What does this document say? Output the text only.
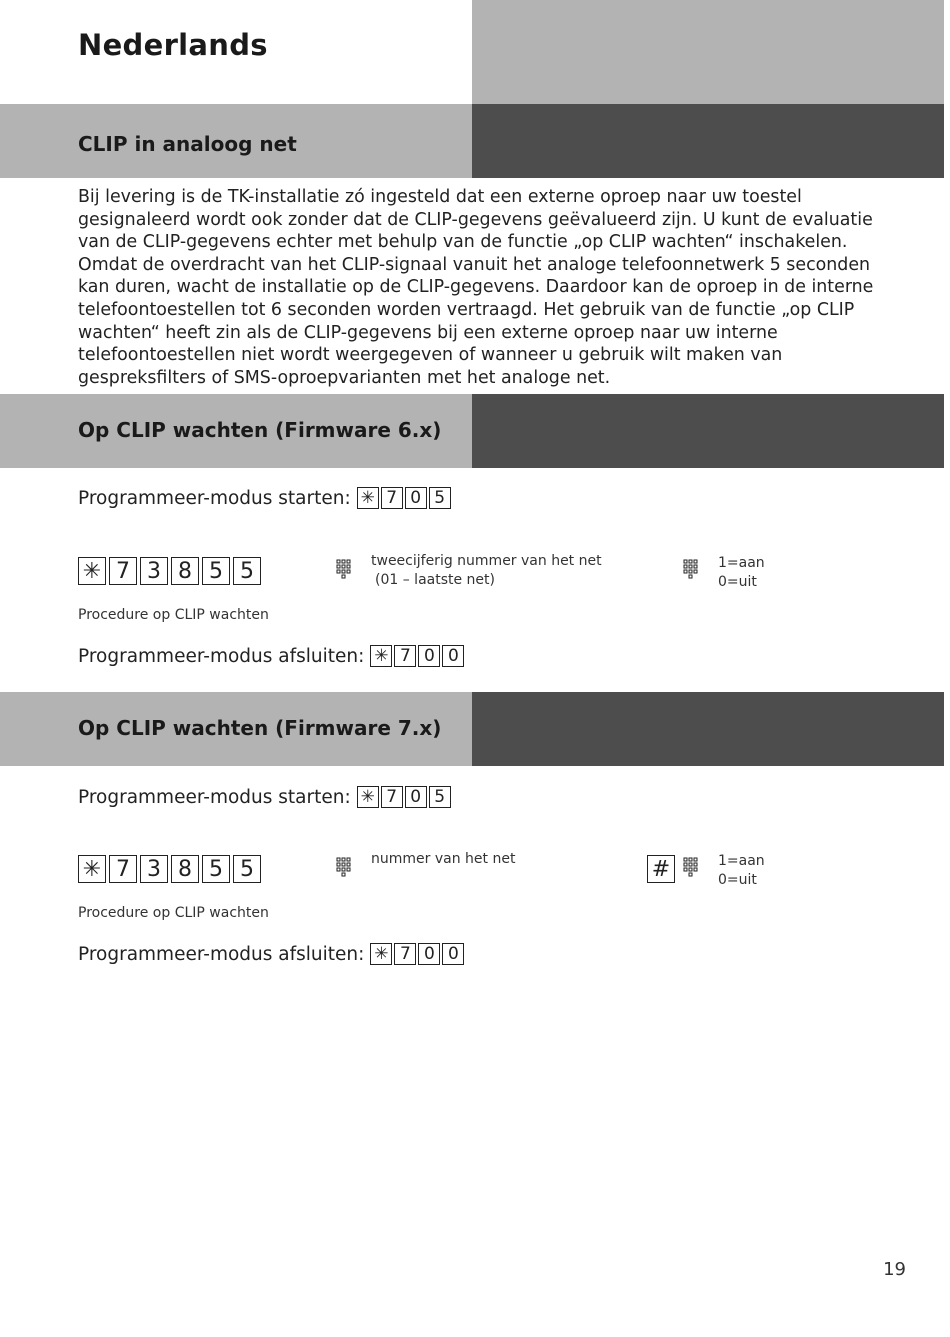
Nederlands
CLIP in analoog net
Bij levering is de TK-installatie zó ingesteld dat een externe oproep naar uw toestel
gesignaleerd wordt ook zonder dat de CLIP-gegevens geëvalueerd zijn. U kunt de evaluatie
van de CLIP-gegevens echter met behulp van de functie „op CLIP wachten“ inschakelen.
Omdat de overdracht van het CLIP-signaal vanuit het analoge telefoonnetwerk 5 seconden
kan duren, wacht de installatie op de CLIP-gegevens. Daardoor kan de oproep in de interne
telefoontoestellen tot 6 seconden worden vertraagd. Het gebruik van de functie „op CLIP
wachten“ heeft zin als de CLIP-gegevens bij een externe oproep naar uw interne
telefoontoestellen niet wordt weergegeven of wanneer u gebruik wilt maken van
gespreksfilters of SMS-oproepvarianten met het analoge net.
Op CLIP wachten (Firmware 6.x)
Programmeer-modus starten: ✳ 7 0 5
✳ 7 3 8 5 5	tweecijferig nummer van het net
(01 – laatste net)
1=aan
0=uit
Procedure op CLIP wachten
Programmeer-modus afsluiten: ✳ 7 0 0
Op CLIP wachten (Firmware 7.x)
Programmeer-modus starten: ✳ 7 0 5
✳ 7 3 8 5 5	nummer van het net	#	1=aan
0=uit
Procedure op CLIP wachten
Programmeer-modus afsluiten: ✳ 7 0 0
19
